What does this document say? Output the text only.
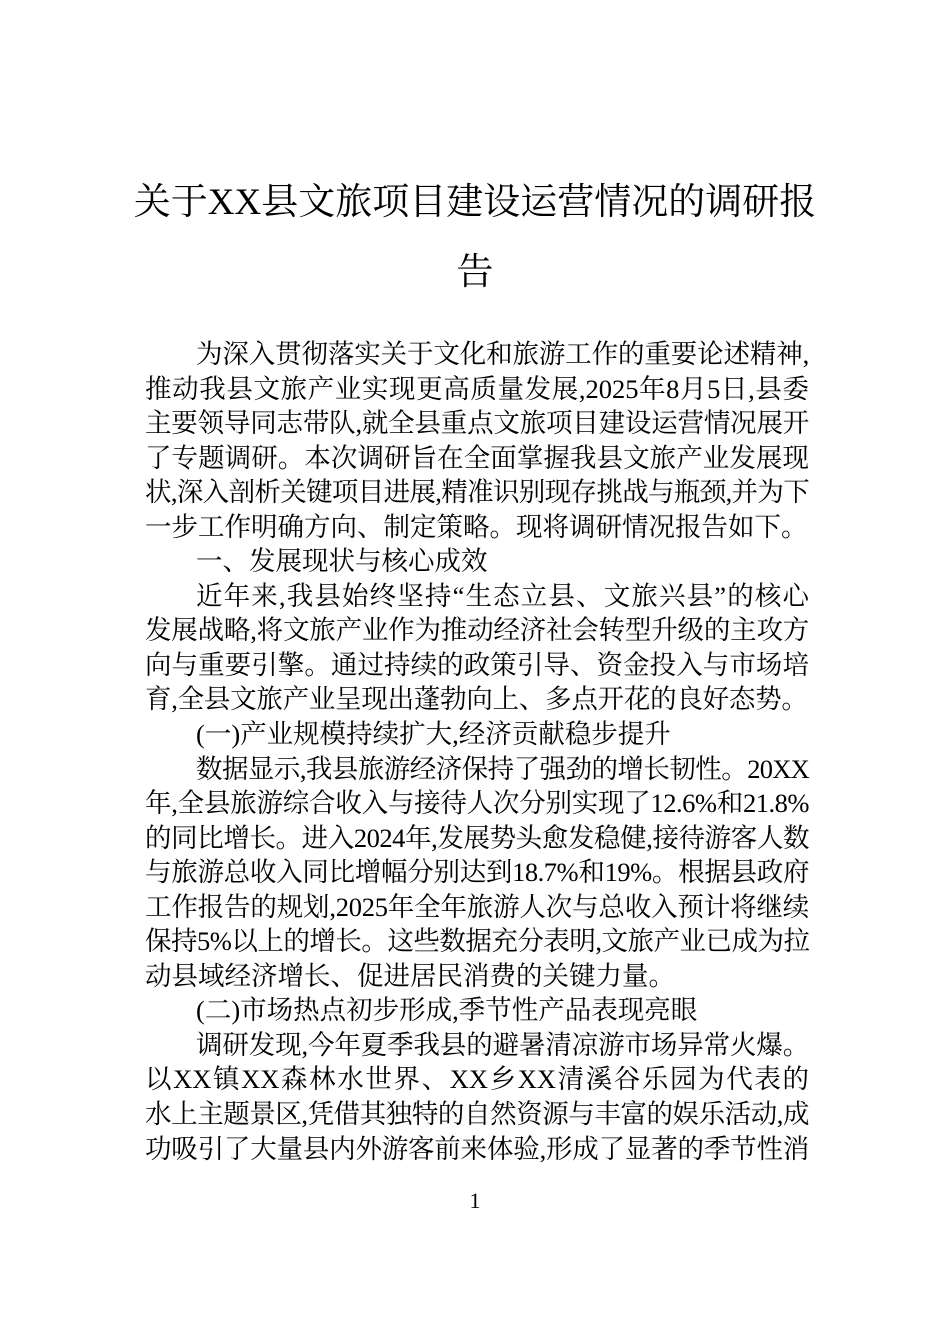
关于XX县文旅项目建设运营情况的调研报
告
为深入贯彻落实关于文化和旅游工作的重要论述精神,
推动我县文旅产业实现更高质量发展,2025年8月5日,县委
主要领导同志带队,就全县重点文旅项目建设运营情况展开
了专题调研。本次调研旨在全面掌握我县文旅产业发展现
状,深入剖析关键项目进展,精准识别现存挑战与瓶颈,并为下
一步工作明确方向、制定策略。现将调研情况报告如下。
一、发展现状与核心成效
近年来,我县始终坚持“生态立县、文旅兴县”的核心
发展战略,将文旅产业作为推动经济社会转型升级的主攻方
向与重要引擎。通过持续的政策引导、资金投入与市场培
育,全县文旅产业呈现出蓬勃向上、多点开花的良好态势。
(一)产业规模持续扩大,经济贡献稳步提升
数据显示,我县旅游经济保持了强劲的增长韧性。20XX
年,全县旅游综合收入与接待人次分别实现了12.6%和21.8%
的同比增长。进入2024年,发展势头愈发稳健,接待游客人数
与旅游总收入同比增幅分别达到18.7%和19%。根据县政府
工作报告的规划,2025年全年旅游人次与总收入预计将继续
保持5%以上的增长。这些数据充分表明,文旅产业已成为拉
动县域经济增长、促进居民消费的关键力量。
(二)市场热点初步形成,季节性产品表现亮眼
调研发现,今年夏季我县的避暑清凉游市场异常火爆。
以XX镇XX森林水世界、XX乡XX清溪谷乐园为代表的
水上主题景区,凭借其独特的自然资源与丰富的娱乐活动,成
功吸引了大量县内外游客前来体验,形成了显著的季节性消
1
